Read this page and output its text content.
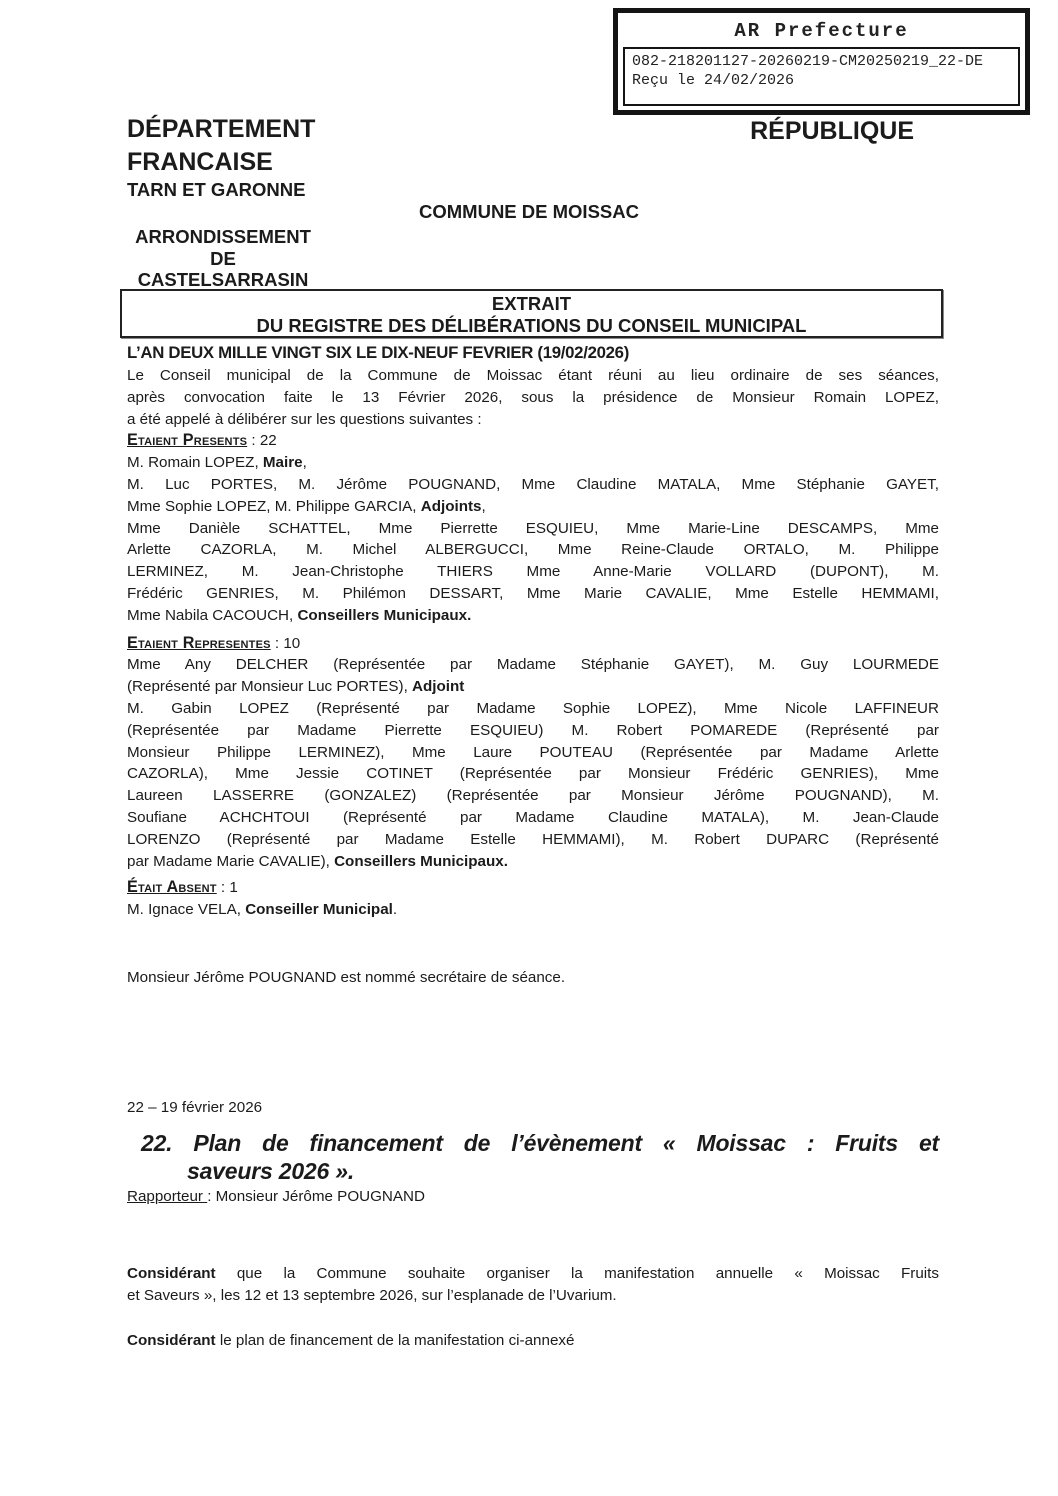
AR Prefecture
082-218201127-20260219-CM20250219_22-DE
Reçu le 24/02/2026
DÉPARTEMENT
FRANCAISE
TARN ET GARONNE
RÉPUBLIQUE
COMMUNE DE MOISSAC
ARRONDISSEMENT
DE
CASTELSARRASIN
EXTRAIT
DU REGISTRE DES DÉLIBÉRATIONS DU CONSEIL MUNICIPAL
L’AN DEUX MILLE VINGT SIX LE DIX-NEUF FEVRIER (19/02/2026)
Le Conseil municipal de la Commune de Moissac étant réuni au lieu ordinaire de ses séances,
après convocation faite le 13 Février 2026, sous la présidence de Monsieur Romain LOPEZ,
a été appelé à délibérer sur les questions suivantes :
Etaient Presents : 22
M. Romain LOPEZ, Maire,
M. Luc PORTES, M. Jérôme POUGNAND, Mme Claudine MATALA, Mme Stéphanie GAYET,
Mme Sophie LOPEZ, M. Philippe GARCIA, Adjoints,
Mme Danièle SCHATTEL, Mme Pierrette ESQUIEU, Mme Marie-Line DESCAMPS, Mme
Arlette CAZORLA, M. Michel ALBERGUCCI, Mme Reine-Claude ORTALO, M. Philippe
LERMINEZ, M. Jean-Christophe THIERS Mme Anne-Marie VOLLARD (DUPONT), M.
Frédéric GENRIES, M. Philémon DESSART, Mme Marie CAVALIE, Mme Estelle HEMMAMI,
Mme Nabila CACOUCH, Conseillers Municipaux.
Etaient Representes : 10
Mme Any DELCHER (Représentée par Madame Stéphanie GAYET), M. Guy LOURMEDE
(Représenté par Monsieur Luc PORTES), Adjoint
M. Gabin LOPEZ (Représenté par Madame Sophie LOPEZ), Mme Nicole LAFFINEUR
(Représentée par Madame Pierrette ESQUIEU) M. Robert POMAREDE (Représenté par
Monsieur Philippe LERMINEZ), Mme Laure POUTEAU (Représentée par Madame Arlette
CAZORLA), Mme Jessie COTINET (Représentée par Monsieur Frédéric GENRIES), Mme
Laureen LASSERRE (GONZALEZ) (Représentée par Monsieur Jérôme POUGNAND), M.
Soufiane ACHCHTOUI (Représenté par Madame Claudine MATALA), M. Jean-Claude
LORENZO (Représenté par Madame Estelle HEMMAMI), M. Robert DUPARC (Représenté
par Madame Marie CAVALIE), Conseillers Municipaux.
Était Absent : 1
M. Ignace VELA, Conseiller Municipal.
Monsieur Jérôme POUGNAND est nommé secrétaire de séance.
22 – 19 février 2026
22. Plan de financement de l’évènement « Moissac : Fruits et
saveurs 2026 ».
Rapporteur : Monsieur Jérôme POUGNAND
Considérant que la Commune souhaite organiser la manifestation annuelle « Moissac Fruits
et Saveurs », les 12 et 13 septembre 2026, sur l’esplanade de l’Uvarium.
Considérant le plan de financement de la manifestation ci-annexé
